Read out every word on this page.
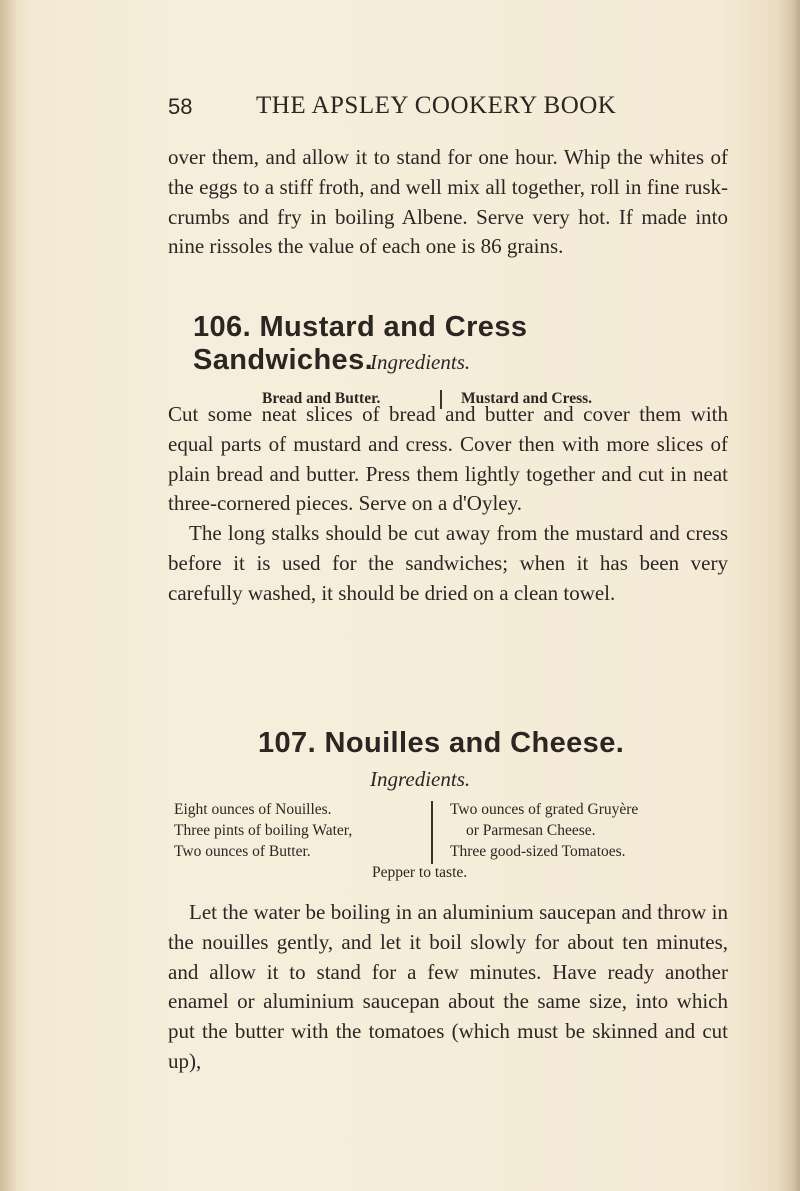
58	THE APSLEY COOKERY BOOK

over them, and allow it to stand for one hour. Whip the whites of the eggs to a stiff froth, and well mix all together, roll in fine rusk-crumbs and fry in boiling Albene. Serve very hot. If made into nine rissoles the value of each one is 86 grains.

106. Mustard and Cress Sandwiches.
Ingredients.
Bread and Butter.	Mustard and Cress.

Cut some neat slices of bread and butter and cover them with equal parts of mustard and cress. Cover then with more slices of plain bread and butter. Press them lightly together and cut in neat three-cornered pieces. Serve on a d'Oyley.

The long stalks should be cut away from the mustard and cress before it is used for the sandwiches; when it has been very carefully washed, it should be dried on a clean towel.

107. Nouilles and Cheese.
Ingredients.
Eight ounces of Nouilles.
Three pints of boiling Water,
Two ounces of Butter.
Two ounces of grated Gruyère
or Parmesan Cheese.
Three good-sized Tomatoes.
Pepper to taste.

Let the water be boiling in an aluminium saucepan and throw in the nouilles gently, and let it boil slowly for about ten minutes, and allow it to stand for a few minutes. Have ready another enamel or aluminium saucepan about the same size, into which put the butter with the tomatoes (which must be skinned and cut up),
